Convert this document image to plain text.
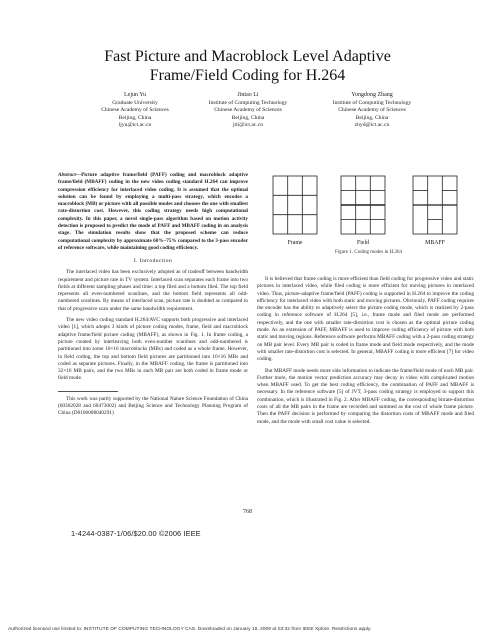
Fast Picture and Macroblock Level Adaptive
Frame/Field Coding for H.264
Lejun Yu
Graduate University
Chinese Academy of Sciences
Beijing, China
ljyu@ict.ac.cn
Jintao Li
Institute of Computing Technology
Chinese Academy of Sciences
Beijing, China
jtli@ict.ac.cn
Yongdong Zhang
Institute of Computing Technology
Chinese Academy of Sciences
Beijing, China
zhyd@ict.ac.cn
Abstract—Picture adaptive frame/field (PAFF) coding and macroblock adaptive frame/field (MBAFF) coding in the new video coding standard H.264 can improve compression efficiency for interlaced video coding. It is assumed that the optimal solution can be found by employing a multi-pass strategy, which encodes a macroblock (MB) or picture with all possible modes and chooses the one with smallest rate-distortion cost. However, this coding strategy needs high computational complexity. In this paper, a novel single-pass algorithm based on motion activity detection is proposed to predict the mode of PAFF and MBAFF coding in an analysis stage. The simulation results show that the proposed scheme can reduce computational complexity by approximate 60%~75% compared to the 3-pass encoder of reference software, while maintaining good coding efficiency.
I. Introduction

The interlaced video has been exclusively adopted as of tradeoff between bandwidth requirement and picture rate in TV system. Interlaced scan separates each frame into two fields at different sampling phases and time: a top filed and a bottom filed. The top field represents all even-numbered scanlines, and the bottom field represents all odd-numbered scanlines. By means of interlaced scan, picture rate is doubled as compared to that of progressive scan under the same bandwidth requirement.

The new video coding standard H.264/AVC supports both progressive and interlaced video [1], which adopts 3 kinds of picture coding modes, frame, field and macroblock adaptive frame/field picture coding (MBAFF), as shown in Fig. 1. In frame coding, a picture created by interleaving both even-number scanlines and odd-numbered is partitioned into some 16×16 macroblocks (MBs) and coded as a whole frame. However, in field coding, the top and bottom field pictures are partitioned into 16×16 MBs and coded as separate pictures. Finally, in the MBAFF coding, the frame is partitioned into 32×16 MB pairs, and the two MBs in each MB pair are both coded in frame mode or field mode.

This work was partly supported by the National Nature Science Foundation of China (60302028 and 60473002) and Beijing Science and Technology Planning Program of China (D0106008040291)

Frame	Field	MBAFF
Figure 1. Coding modes in H.264

It is believed that frame coding is more efficient than field coding for progressive video and static pictures in interlaced video, while filed coding is more efficient for moving pictures in interlaced video. Thus, picture-adaptive frame/field (PAFF) coding is supported in H.264 to improve the coding efficiency for interlaced video with both static and moving pictures. Obviously, PAFF coding requires the encoder has the ability to adaptively select the picture coding mode, which is realized by 2-pass coding in reference software of H.264 [5], i.e., frame mode and filed mode are performed respectively, and the one with smaller rate-distortion cost is chosen as the optimal picture coding mode. As an extension of PAFF, MBAFF is used to improve coding efficiency of picture with both static and moving regions. Reference software performs MBAFF coding with a 2-pass coding strategy on MB pair level. Every MB pair is coded in frame mode and field mode respectively, and the mode with smaller rate-distortion cost is selected. In general, MBAFF coding is more efficient [7] for video coding.

But MBAFF mode needs more side information to indicate the frame/field mode of each MB pair. Further more, the motion vector prediction accuracy may decay in video with complicated motion when MBAFF used. To get the best coding efficiency, the combination of PAFF and MBAFF is necessary. In the reference software [5] of JVT, 3-pass coding strategy is employed to support this combination, which is illustrated in Fig. 2. After MBAFF coding, the corresponding bitrate-distortion costs of all the MB pairs in the frame are recorded and summed as the cost of whole frame picture. Then the PAFF decision is performed by comparing the distortion costs of MBAFF mode and filed mode, and the mode with small cost value is selected.

768
1-4244-0387-1/06/$20.00 ©2006 IEEE
Authorized licensed use limited to: INSTITUTE OF COMPUTING TECHNOLOGY CAS. Downloaded on January 19, 2009 at 03:32 from IEEE Xplore. Restrictions apply.
